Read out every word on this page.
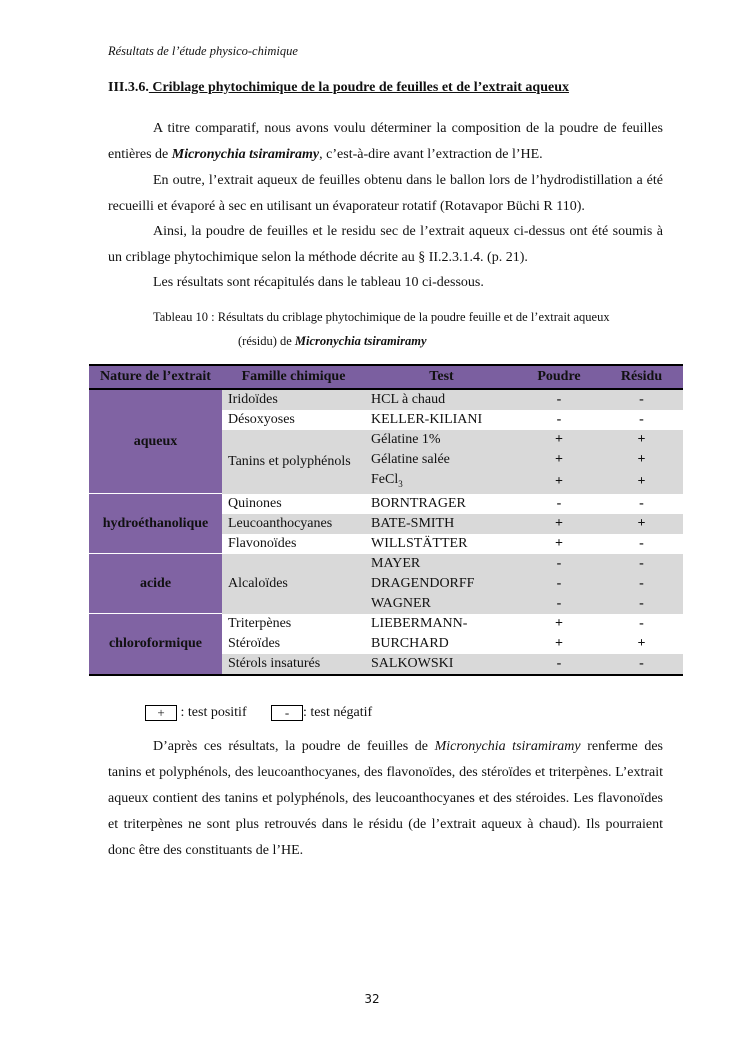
Résultats de l’étude physico-chimique
III.3.6. Criblage phytochimique de la poudre de feuilles et de l’extrait aqueux

A titre comparatif, nous avons voulu déterminer la composition de la poudre de feuilles entières de Micronychia tsiramiramy, c’est-à-dire avant l’extraction de l’HE.

En outre, l’extrait aqueux de feuilles obtenu dans le ballon lors de l’hydrodistillation a été recueilli et évaporé à sec en utilisant un évaporateur rotatif (Rotavapor Büchi R 110).

Ainsi, la poudre de feuilles et le residu sec de l’extrait aqueux ci-dessus ont été soumis à un criblage phytochimique selon la méthode décrite au § II.2.3.1.4. (p. 21).

Les résultats sont récapitulés dans le tableau 10 ci-dessous.

Tableau 10 : Résultats du criblage phytochimique de la poudre feuille et de l’extrait aqueux
(résidu) de Micronychia tsiramiramy
Nature de l’extrait	Famille chimique	Test	Poudre	Résidu
aqueux	Iridoïdes	HCL à chaud	-	-
	Désoxyoses	KELLER-KILIANI	-	-
	Tanins et polyphénols	Gélatine 1%	+	+
		Gélatine salée	+	+
		FeCl$_3$	+	+
hydroéthanolique	Quinones	BORNTRAGER	-	-
	Leucoanthocyanes	BATE-SMITH	+	+
	Flavonoïdes	WILLSTÄTTER	+	-
acide	Alcaloïdes	MAYER	-	-
		DRAGENDORFF	-	-
		WAGNER	-	-
chloroformique	Triterpènes	LIEBERMANN-	+	-
	Stéroïdes	BURCHARD	+	+
	Stérols insaturés	SALKOWSKI	-	-
+ : test positif	- : test négatif

D’après ces résultats, la poudre de feuilles de Micronychia tsiramiramy renferme des tanins et polyphénols, des leucoanthocyanes, des flavonoïdes, des stéroïdes et triterpènes. L’extrait aqueux contient des tanins et polyphénols, des leucoanthocyanes et des stéroides. Les flavonoïdes et triterpènes ne sont plus retrouvés dans le résidu (de l’extrait aqueux à chaud). Ils pourraient donc être des constituants de l’HE.

32
